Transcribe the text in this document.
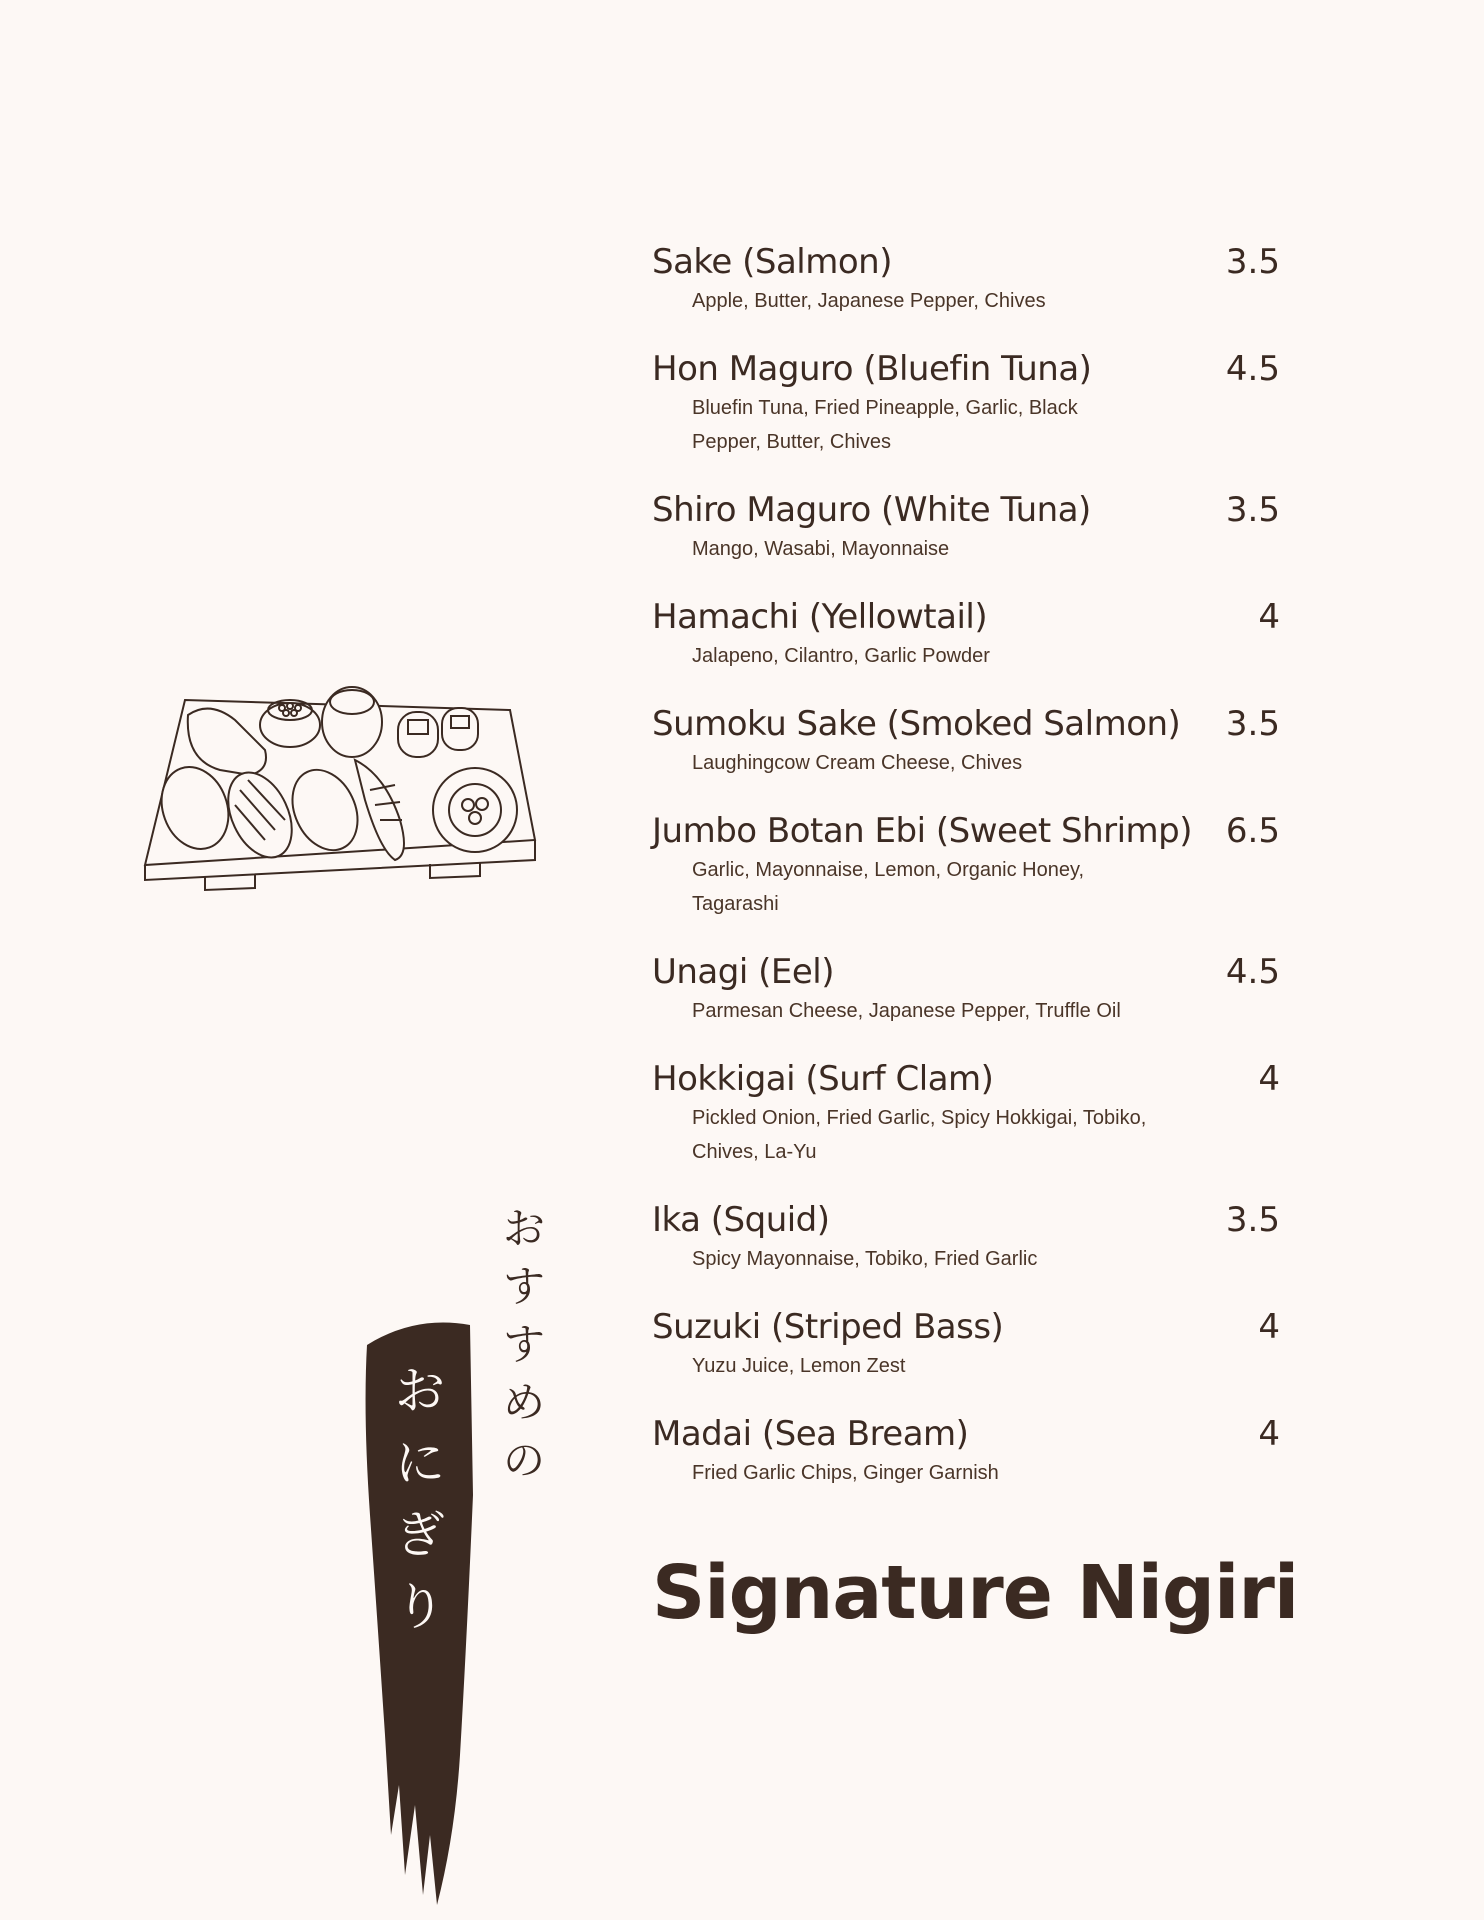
お
に
ぎ
り
お
す
す
め
の
Sake (Salmon)	3.5
Apple, Butter, Japanese Pepper, Chives
Hon Maguro (Bluefin Tuna)	4.5
Bluefin Tuna, Fried Pineapple, Garlic, Black Pepper, Butter, Chives
Shiro Maguro (White Tuna)	3.5
Mango, Wasabi, Mayonnaise
Hamachi (Yellowtail)	4
Jalapeno, Cilantro, Garlic Powder
Sumoku Sake (Smoked Salmon)	3.5
Laughingcow Cream Cheese, Chives
Jumbo Botan Ebi (Sweet Shrimp) 6.5
Garlic, Mayonnaise, Lemon, Organic Honey, Tagarashi
Unagi (Eel)	4.5
Parmesan Cheese, Japanese Pepper, Truffle Oil
Hokkigai (Surf Clam)	4
Pickled Onion, Fried Garlic, Spicy Hokkigai, Tobiko, Chives, La-Yu
Ika (Squid)	3.5
Spicy Mayonnaise, Tobiko, Fried Garlic
Suzuki (Striped Bass)	4
Yuzu Juice, Lemon Zest
Madai (Sea Bream)	4
Fried Garlic Chips, Ginger Garnish
Signature Nigiri
